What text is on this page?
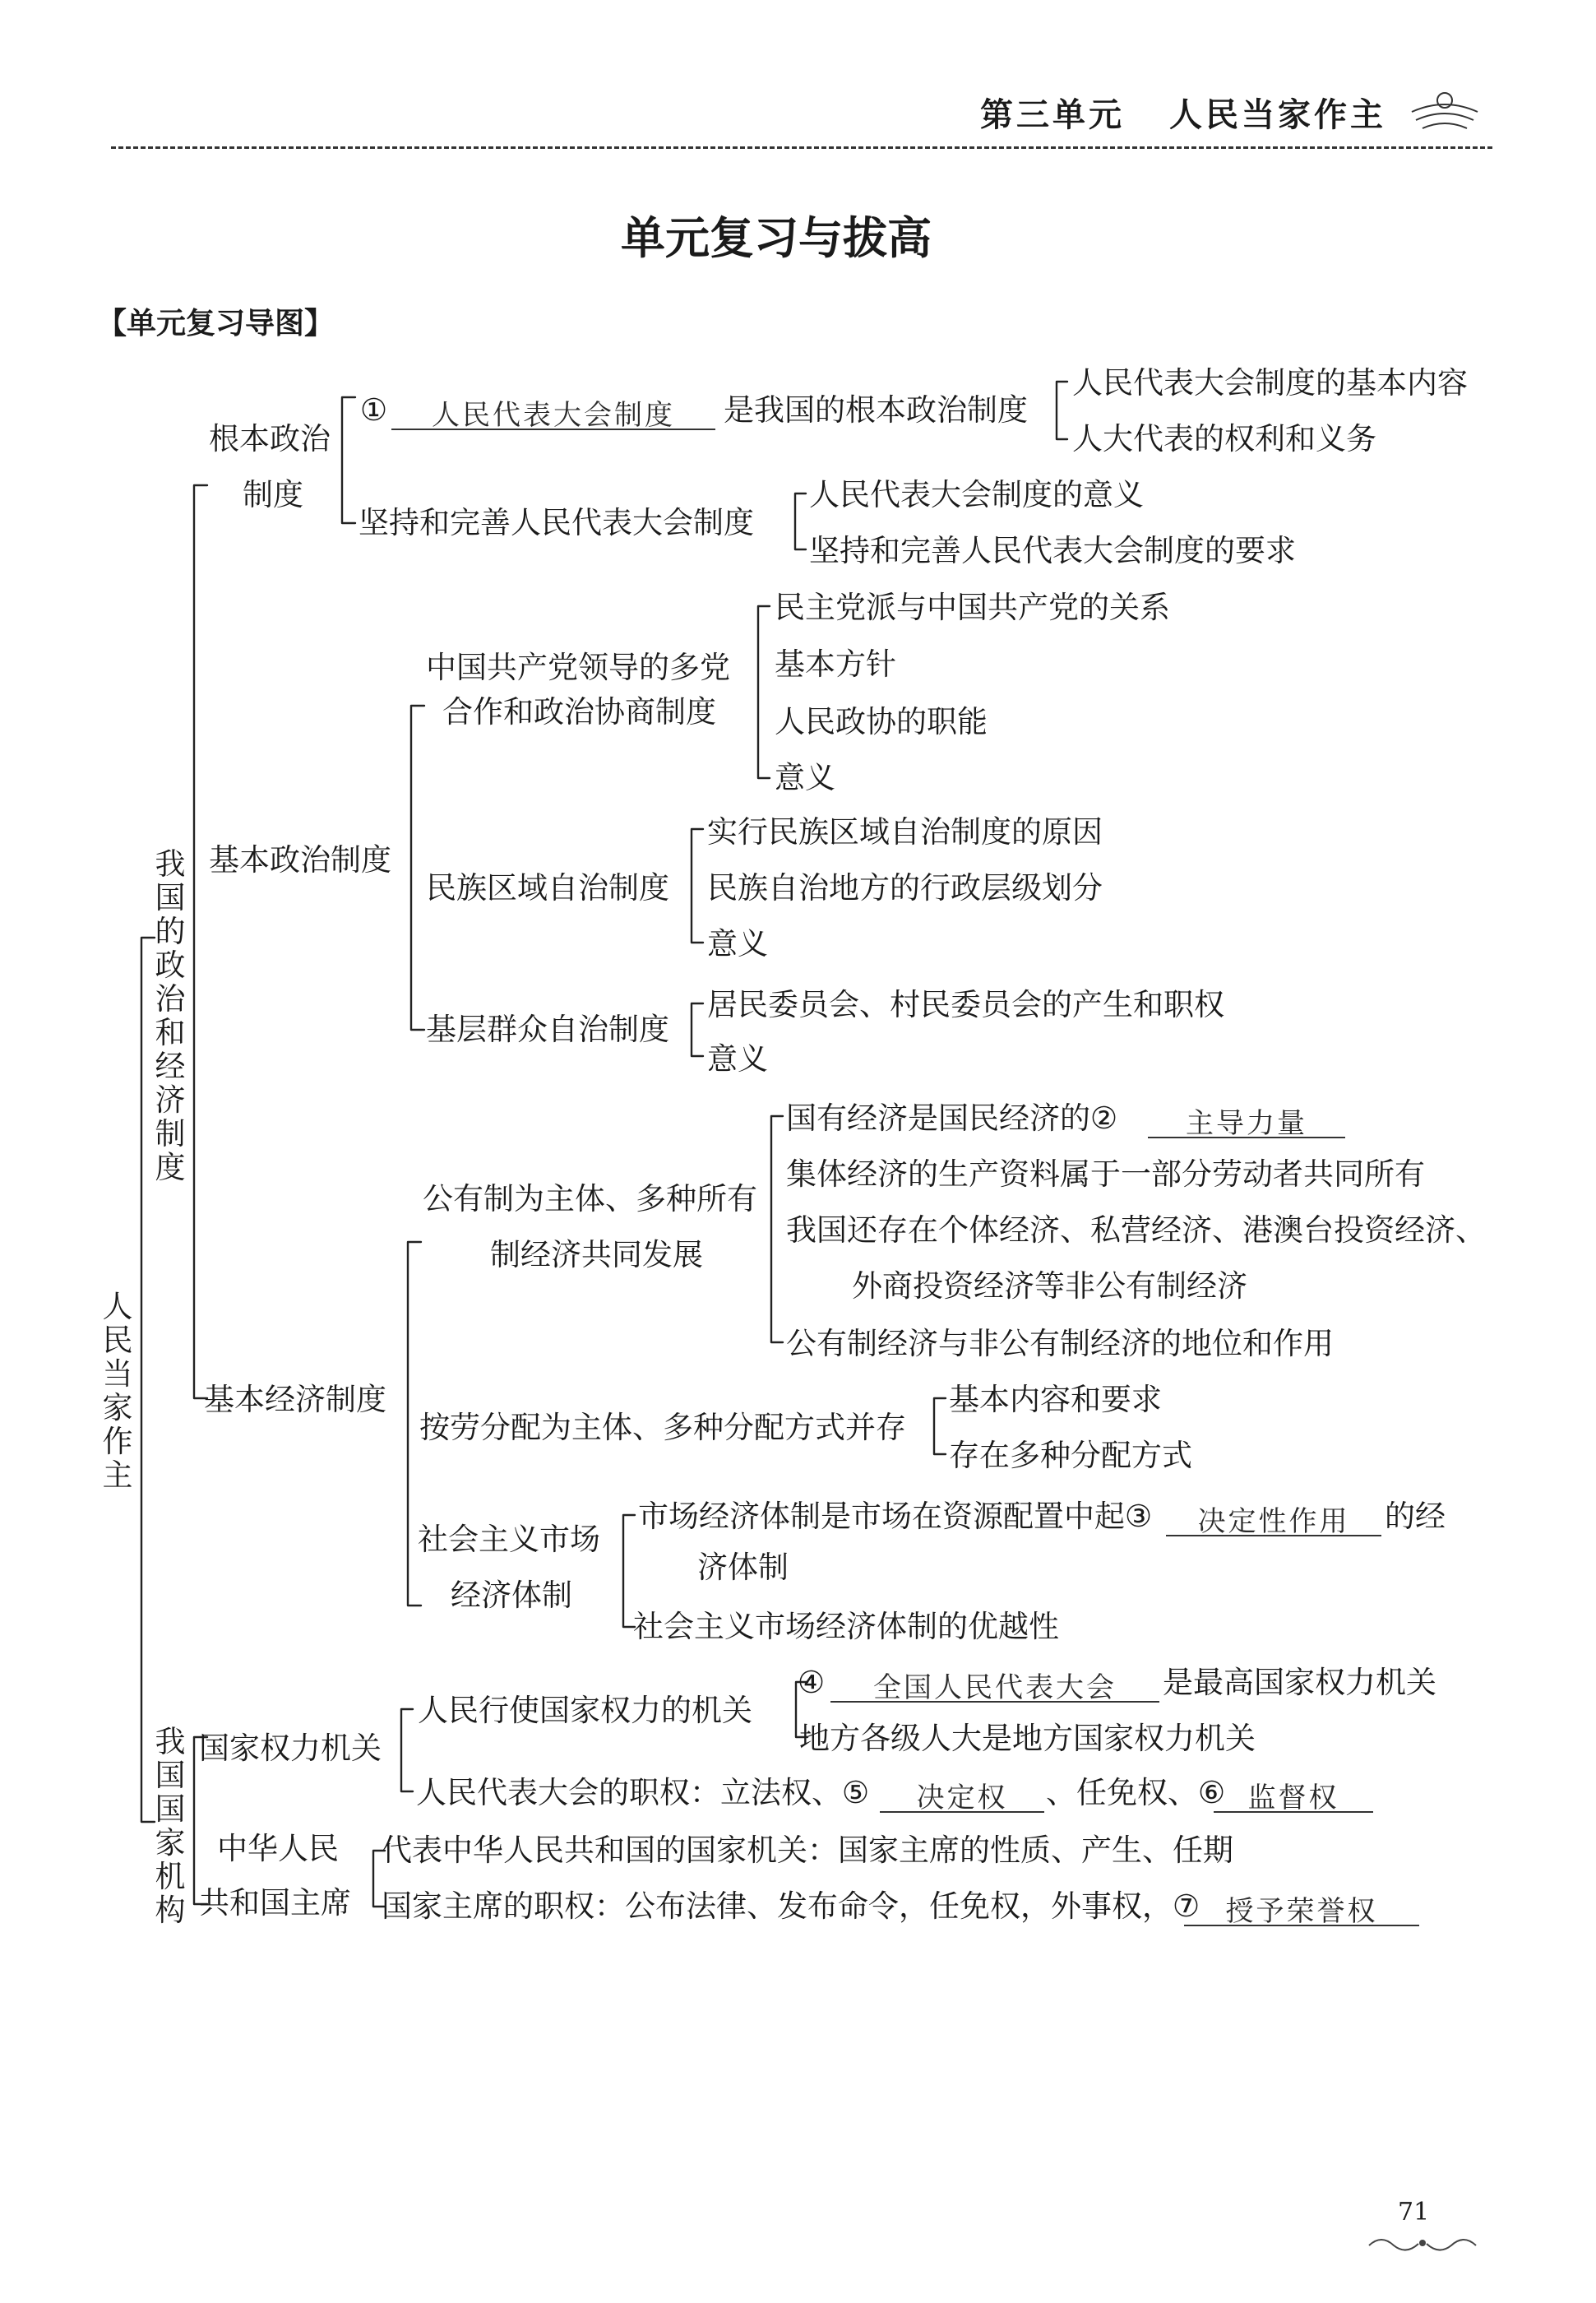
第三单元 人民当家作主
单元复习与拔高
【单元复习导图】
人民当家作主
我国的政治和经济制度
我国国家机构
根本政治
制度
①	人民代表大会制度	是我国的根本政治制度
人民代表大会制度的基本内容
人大代表的权利和义务
坚持和完善人民代表大会制度
人民代表大会制度的意义
坚持和完善人民代表大会制度的要求
基本政治制度
中国共产党领导的多党
合作和政治协商制度
民主党派与中国共产党的关系
基本方针
人民政协的职能
意义
民族区域自治制度
实行民族区域自治制度的原因
民族自治地方的行政层级划分
意义
基层群众自治制度
居民委员会、村民委员会的产生和职权
意义
基本经济制度
公有制为主体、多种所有
制经济共同发展
国有经济是国民经济的②	主导力量
集体经济的生产资料属于一部分劳动者共同所有
我国还存在个体经济、私营经济、港澳台投资经济、
外商投资经济等非公有制经济
公有制经济与非公有制经济的地位和作用
按劳分配为主体、多种分配方式并存
基本内容和要求
存在多种分配方式
社会主义市场
经济体制
市场经济体制是市场在资源配置中起③	决定性作用	的经
济体制
社会主义市场经济体制的优越性
国家权力机关
人民行使国家权力的机关
④	全国人民代表大会	是最高国家权力机关
地方各级人大是地方国家权力机关
人民代表大会的职权：立法权、⑤	决定权	、任免权、⑥ 监督权
中华人民
共和国主席
代表中华人民共和国的国家机关：国家主席的性质、产生、任期
国家主席的职权：公布法律、发布命令，任免权，外事权，⑦ 授予荣誉权
71
